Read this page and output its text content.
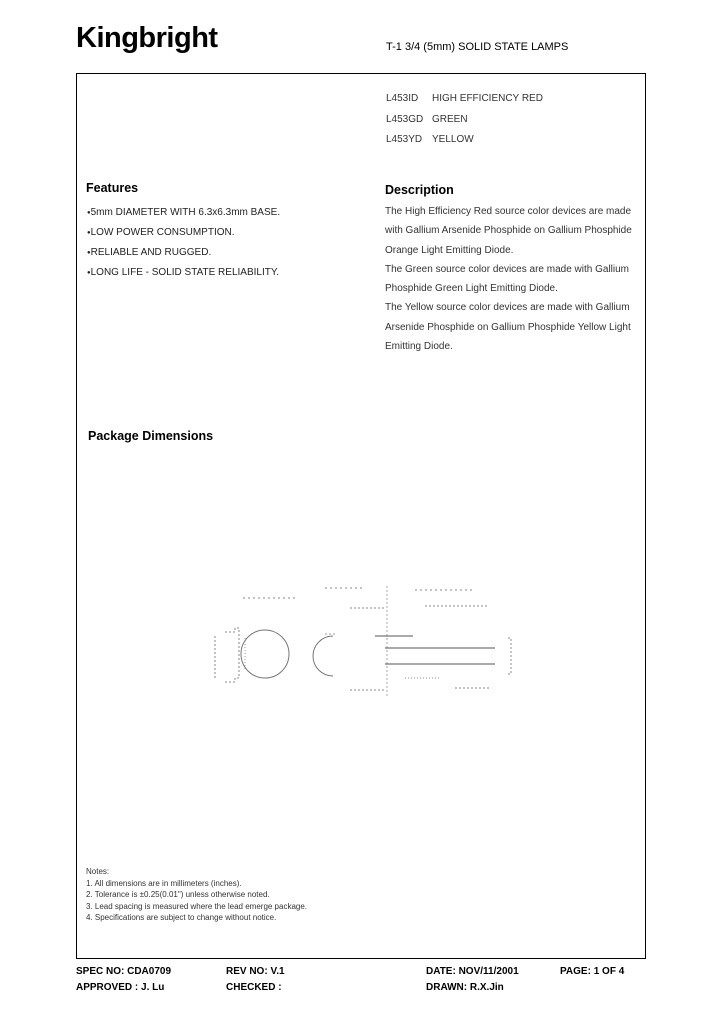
Kingbright	T-1 3/4 (5mm) SOLID STATE LAMPS
L453ID HIGH EFFICIENCY RED
L453GD GREEN
L453YD YELLOW
Features
●5mm DIAMETER WITH 6.3x6.3mm BASE.
●LOW POWER CONSUMPTION.
●RELIABLE AND RUGGED.
●LONG LIFE - SOLID STATE RELIABILITY.
Description

The High Efficiency Red source color devices are made with Gallium Arsenide Phosphide on Gallium Phosphide Orange Light Emitting Diode.

The Green source color devices are made with Gallium Phosphide Green Light Emitting Diode.

The Yellow source color devices are made with Gallium Arsenide Phosphide on Gallium Phosphide Yellow Light Emitting Diode.

Package Dimensions
Notes:
1. All dimensions are in millimeters (inches).
2. Tolerance is ±0.25(0.01") unless otherwise noted.
3. Lead spacing is measured where the lead emerge package.
4. Specifications are subject to change without notice.
SPEC NO: CDA0709	REV NO: V.1	DATE: NOV/11/2001	PAGE: 1 OF 4
APPROVED : J. Lu	CHECKED :	DRAWN: R.X.Jin
